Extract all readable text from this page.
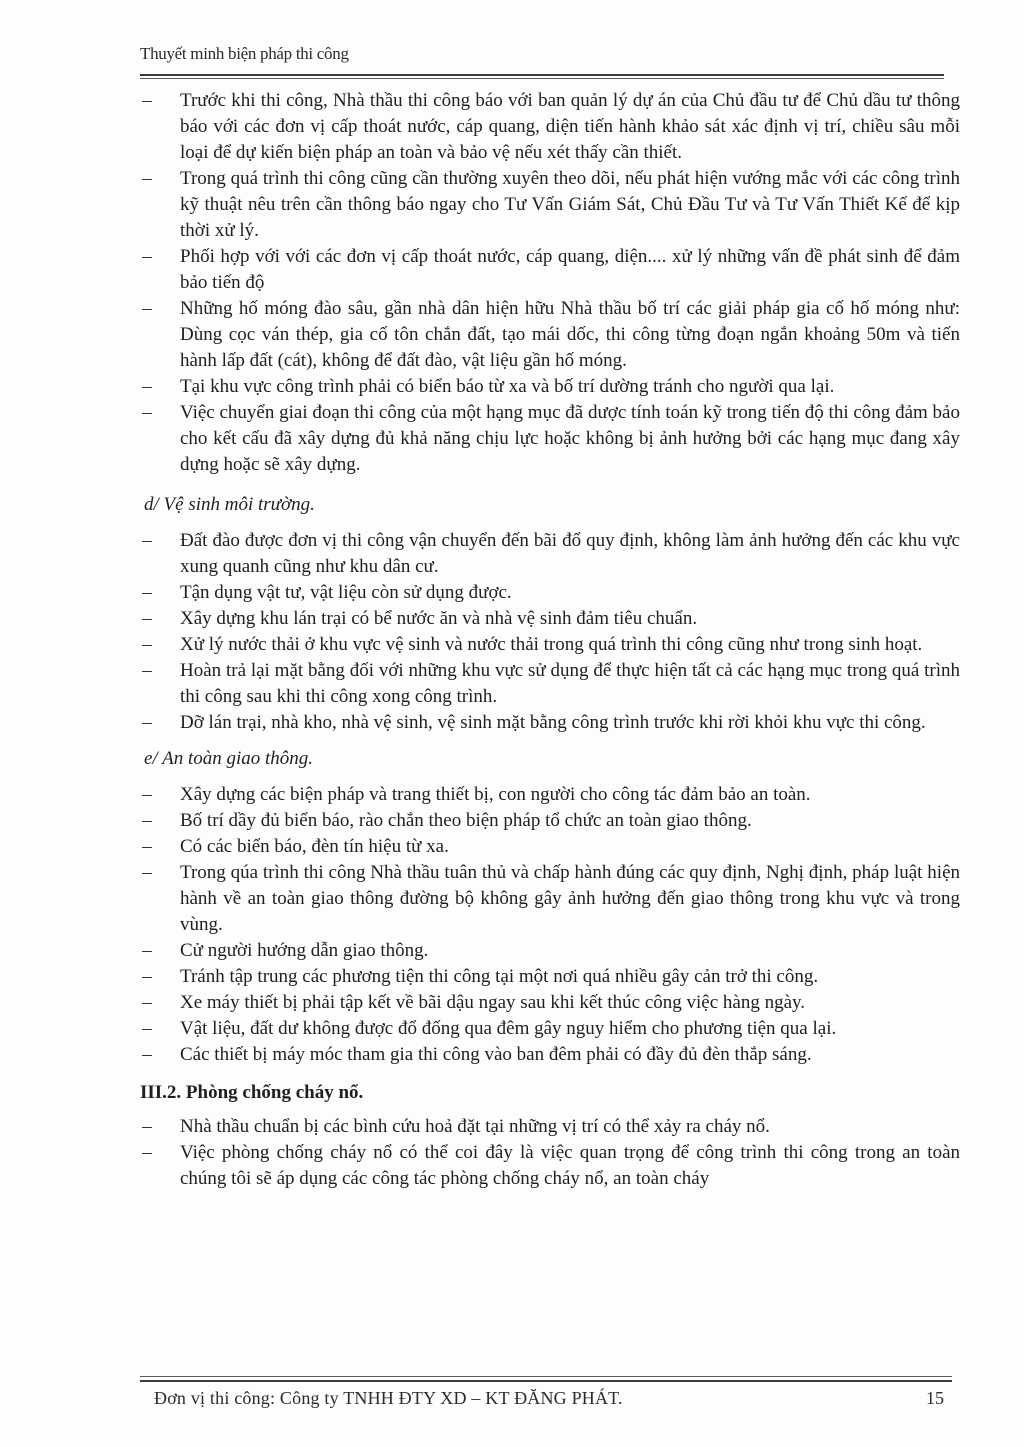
Thuyết minh biện pháp thi công
– Trước khi thi công, Nhà thầu thi công báo với ban quản lý dự án của Chủ đầu tư để Chủ dầu tư thông báo với các đơn vị cấp thoát nước, cáp quang, diện tiến hành khảo sát xác định vị trí, chiều sâu mỗi loại để dự kiến biện pháp an toàn và bảo vệ nếu xét thấy cần thiết.
– Trong quá trình thi công cũng cần thường xuyên theo dõi, nếu phát hiện vướng mắc với các công trình kỹ thuật nêu trên cần thông báo ngay cho Tư Vấn Giám Sát, Chủ Đầu Tư và Tư Vấn Thiết Kế để kịp thời xử lý.
– Phối hợp với với các đơn vị cấp thoát nước, cáp quang, diện.... xử lý những vấn đề phát sinh để đảm bảo tiến độ
– Những hố móng đào sâu, gần nhà dân hiện hữu Nhà thầu bố trí các giải pháp gia cố hố móng như: Dùng cọc ván thép, gia cố tôn chắn đất, tạo mái dốc, thi công từng đoạn ngắn khoảng 50m và tiến hành lấp đất (cát), không để đất đào, vật liệu gần hố móng.
– Tại khu vực công trình phải có biển báo từ xa và bố trí dường tránh cho người qua lại.
– Việc chuyển giai đoạn thi công của một hạng mục đã dược tính toán kỹ trong tiến độ thi công đảm bảo cho kết cấu đã xây dựng đủ khả năng chịu lực hoặc không bị ảnh hưởng bởi các hạng mục đang xây dựng hoặc sẽ xây dựng.
d/ Vệ sinh môi trường.
– Đất đào được đơn vị thi công vận chuyển đến bãi đổ quy định, không làm ảnh hưởng đến các khu vực xung quanh cũng như khu dân cư.
– Tận dụng vật tư, vật liệu còn sử dụng được.
– Xây dựng khu lán trại có bể nước ăn và nhà vệ sinh đảm tiêu chuẩn.
– Xử lý nước thải ở khu vực vệ sinh và nước thải trong quá trình thi công cũng như trong sinh hoạt.
– Hoàn trả lại mặt bằng đối với những khu vực sử dụng để thực hiện tất cả các hạng mục trong quá trình thi công sau khi thi công xong công trình.
– Dỡ lán trại, nhà kho, nhà vệ sinh, vệ sinh mặt bằng công trình trước khi rời khỏi khu vực thi công.
e/ An toàn giao thông.
– Xây dựng các biện pháp và trang thiết bị, con người cho công tác đảm bảo an toàn.
– Bố trí dầy đủ biển báo, rào chắn theo biện pháp tổ chức an toàn giao thông.
– Có các biển báo, đèn tín hiệu từ xa.
– Trong qúa trình thi công Nhà thầu tuân thủ và chấp hành đúng các quy định, Nghị định, pháp luật hiện hành về an toàn giao thông đường bộ không gây ảnh hưởng đến giao thông trong khu vực và trong vùng.
– Cử người hướng dẫn giao thông.
– Tránh tập trung các phương tiện thi công tại một nơi quá nhiều gây cản trở thi công.
– Xe máy thiết bị phải tập kết về bãi dậu ngay sau khi kết thúc công việc hàng ngày.
– Vật liệu, đất dư không được đổ đống qua đêm gây nguy hiểm cho phương tiện qua lại.
– Các thiết bị máy móc tham gia thi công vào ban đêm phải có đầy đủ đèn thắp sáng.
III.2. Phòng chống cháy nổ.
– Nhà thầu chuẩn bị các bình cứu hoả đặt tại những vị trí có thể xảy ra cháy nổ.
– Việc phòng chống cháy nổ có thể coi đây là việc quan trọng để công trình thi công trong an toàn chúng tôi sẽ áp dụng các công tác phòng chống cháy nổ, an toàn cháy
Đơn vị thi công: Công ty TNHH ĐTY XD – KT ĐĂNG PHÁT.	15
